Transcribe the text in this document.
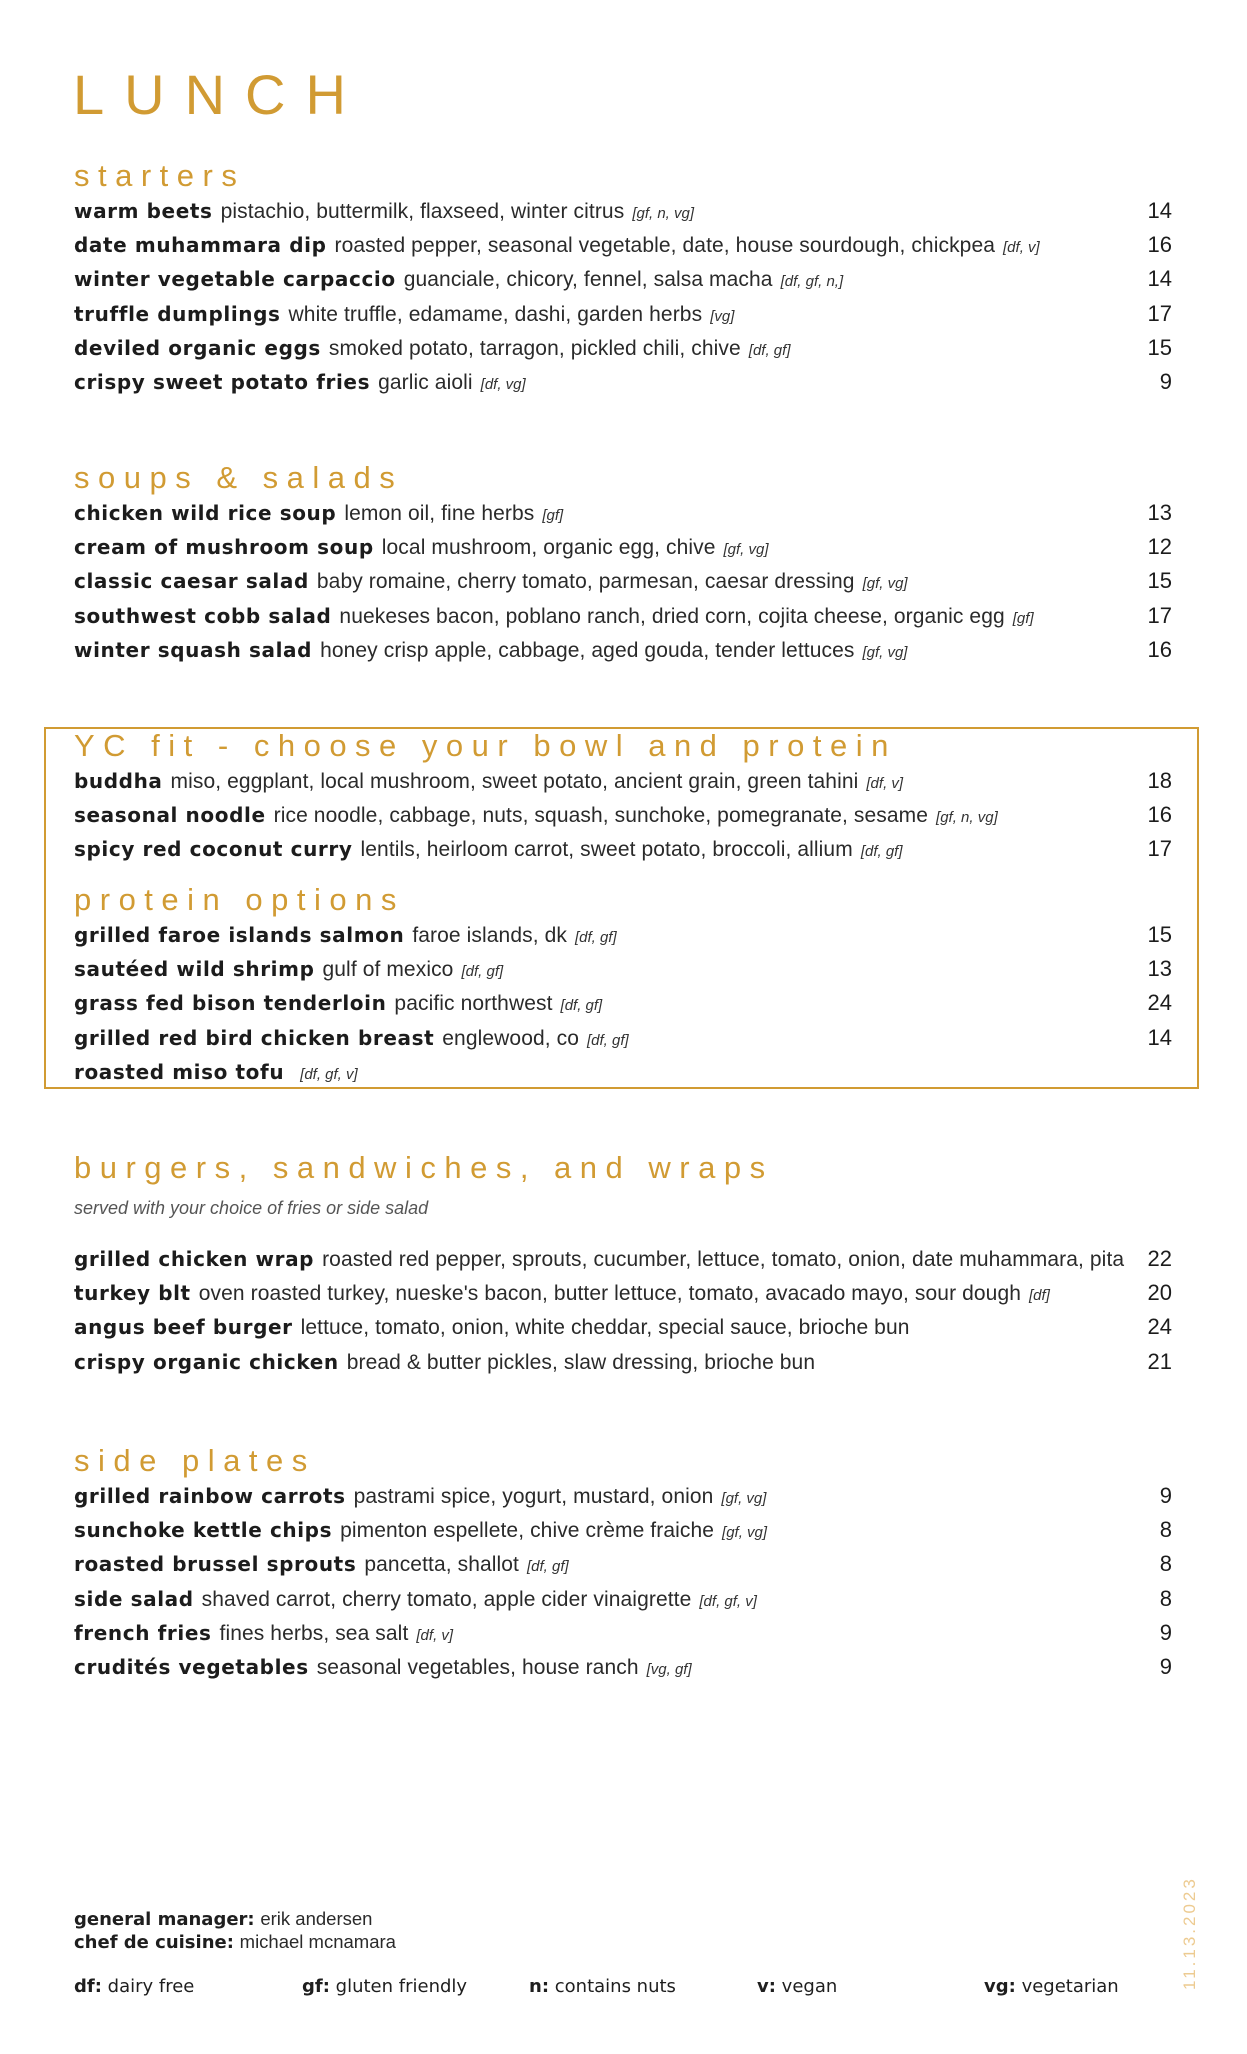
LUNCH
starters
warm beets pistachio, buttermilk, flaxseed, winter citrus [gf, n, vg]	14
date muhammara dip roasted pepper, seasonal vegetable, date, house sourdough, chickpea [df, v]	16
winter vegetable carpaccio guanciale, chicory, fennel, salsa macha [df, gf, n,]	14
truffle dumplings white truffle, edamame, dashi, garden herbs [vg]	17
deviled organic eggs smoked potato, tarragon, pickled chili, chive [df, gf]	15
crispy sweet potato fries garlic aioli [df, vg]	9
soups & salads
chicken wild rice soup lemon oil, fine herbs [gf]	13
cream of mushroom soup local mushroom, organic egg, chive [gf, vg]	12
classic caesar salad baby romaine, cherry tomato, parmesan, caesar dressing [gf, vg]	15
southwest cobb salad nuekeses bacon, poblano ranch, dried corn, cojita cheese, organic egg [gf]	17
winter squash salad honey crisp apple, cabbage, aged gouda, tender lettuces [gf, vg]	16
YC fit - choose your bowl and protein
buddha miso, eggplant, local mushroom, sweet potato, ancient grain, green tahini [df, v]	18
seasonal noodle rice noodle, cabbage, nuts, squash, sunchoke, pomegranate, sesame [gf, n, vg]	16
spicy red coconut curry lentils, heirloom carrot, sweet potato, broccoli, allium [df, gf]	17
protein options
grilled faroe islands salmon faroe islands, dk [df, gf]	15
sautéed wild shrimp gulf of mexico [df, gf]	13
grass fed bison tenderloin pacific northwest [df, gf]	24
grilled red bird chicken breast englewood, co [df, gf]	14
roasted miso tofu [df, gf, v]
burgers, sandwiches, and wraps
served with your choice of fries or side salad
grilled chicken wrap roasted red pepper, sprouts, cucumber, lettuce, tomato, onion, date muhammara, pita 22
turkey blt oven roasted turkey, nueske's bacon, butter lettuce, tomato, avacado mayo, sour dough [df]	20
angus beef burger lettuce, tomato, onion, white cheddar, special sauce, brioche bun	24
crispy organic chicken bread & butter pickles, slaw dressing, brioche bun	21
side plates
grilled rainbow carrots pastrami spice, yogurt, mustard, onion [gf, vg]	9
sunchoke kettle chips pimenton espellete, chive crème fraiche [gf, vg]	8
roasted brussel sprouts pancetta, shallot [df, gf]	8
side salad shaved carrot, cherry tomato, apple cider vinaigrette [df, gf, v]	8
french fries fines herbs, sea salt [df, v]	9
crudités vegetables seasonal vegetables, house ranch [vg, gf]	9
general manager: erik andersen
chef de cuisine: michael mcnamara
df: dairy free	gf: gluten friendly	n: contains nuts	v: vegan	vg: vegetarian	11.13.2023
